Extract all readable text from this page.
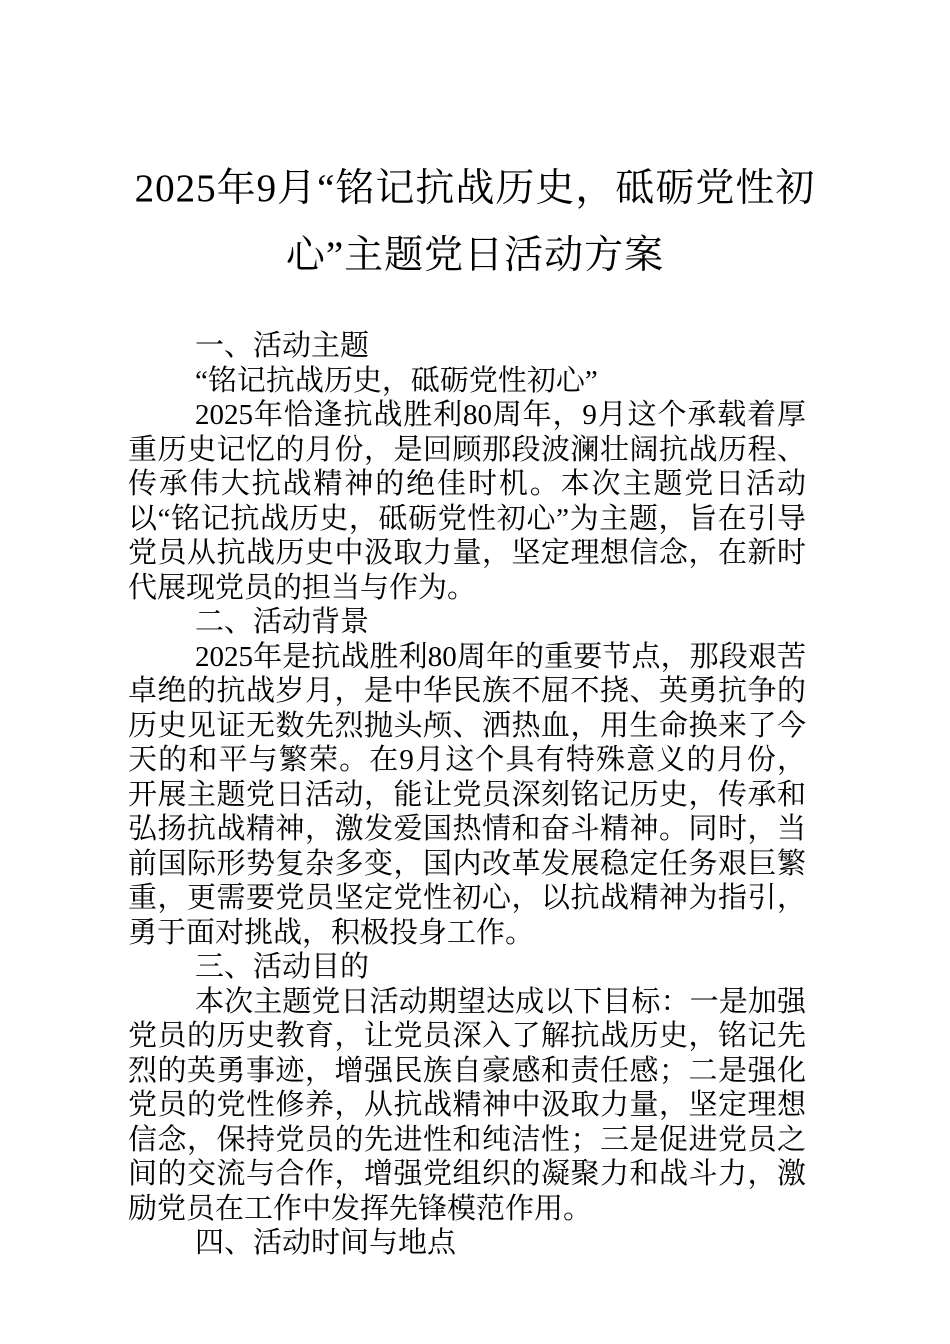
2025年9月“铭记抗战历史，砥砺党性初
心”主题党日活动方案

一、活动主题

“铭记抗战历史，砥砺党性初心”

2025年恰逢抗战胜利80周年，9月这个承载着厚重历史记忆的月份，是回顾那段波澜壮阔抗战历程、传承伟大抗战精神的绝佳时机。本次主题党日活动以“铭记抗战历史，砥砺党性初心”为主题，旨在引导党员从抗战历史中汲取力量，坚定理想信念，在新时代展现党员的担当与作为。

二、活动背景

2025年是抗战胜利80周年的重要节点，那段艰苦卓绝的抗战岁月，是中华民族不屈不挠、英勇抗争的历史见证无数先烈抛头颅、洒热血，用生命换来了今天的和平与繁荣。在9月这个具有特殊意义的月份，开展主题党日活动，能让党员深刻铭记历史，传承和弘扬抗战精神，激发爱国热情和奋斗精神。同时，当前国际形势复杂多变，国内改革发展稳定任务艰巨繁重，更需要党员坚定党性初心，以抗战精神为指引，勇于面对挑战，积极投身工作。

三、活动目的

本次主题党日活动期望达成以下目标：一是加强党员的历史教育，让党员深入了解抗战历史，铭记先烈的英勇事迹，增强民族自豪感和责任感；二是强化党员的党性修养，从抗战精神中汲取力量，坚定理想信念，保持党员的先进性和纯洁性；三是促进党员之间的交流与合作，增强党组织的凝聚力和战斗力，激励党员在工作中发挥先锋模范作用。

四、活动时间与地点
